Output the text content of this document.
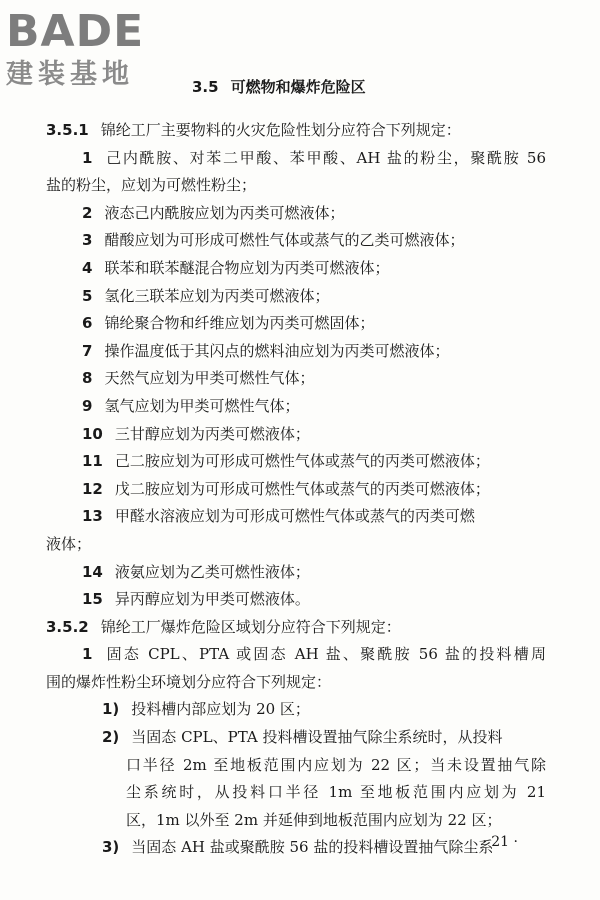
BADE
建装基地	3.5 可燃物和爆炸危险区
3.5.1 锦纶工厂主要物料的火灾危险性划分应符合下列规定：
1 己内酰胺、对苯二甲酸、苯甲酸、AH 盐的粉尘，聚酰胺 56
盐的粉尘，应划为可燃性粉尘；
2 液态己内酰胺应划为丙类可燃液体；
3 醋酸应划为可形成可燃性气体或蒸气的乙类可燃液体；
4 联苯和联苯醚混合物应划为丙类可燃液体；
5 氢化三联苯应划为丙类可燃液体；
6 锦纶聚合物和纤维应划为丙类可燃固体；
7 操作温度低于其闪点的燃料油应划为丙类可燃液体；
8 天然气应划为甲类可燃性气体；
9 氢气应划为甲类可燃性气体；
10 三甘醇应划为丙类可燃液体；
11 己二胺应划为可形成可燃性气体或蒸气的丙类可燃液体；
12 戊二胺应划为可形成可燃性气体或蒸气的丙类可燃液体；
13 甲醛水溶液应划为可形成可燃性气体或蒸气的丙类可燃
液体；
14 液氨应划为乙类可燃性液体；
15 异丙醇应划为甲类可燃液体。
3.5.2 锦纶工厂爆炸危险区域划分应符合下列规定：
1 固态 CPL、PTA 或固态 AH 盐、聚酰胺 56 盐的投料槽周
围的爆炸性粉尘环境划分应符合下列规定：
1) 投料槽内部应划为 20 区；
2) 当固态 CPL、PTA 投料槽设置抽气除尘系统时，从投料
口半径 2m 至地板范围内应划为 22 区；当未设置抽气除
尘系统时，从投料口半径 1m 至地板范围内应划为 21
区，1m 以外至 2m 并延伸到地板范围内应划为 22 区；
3) 当固态 AH 盐或聚酰胺 56 盐的投料槽设置抽气除尘系
· 21 ·
